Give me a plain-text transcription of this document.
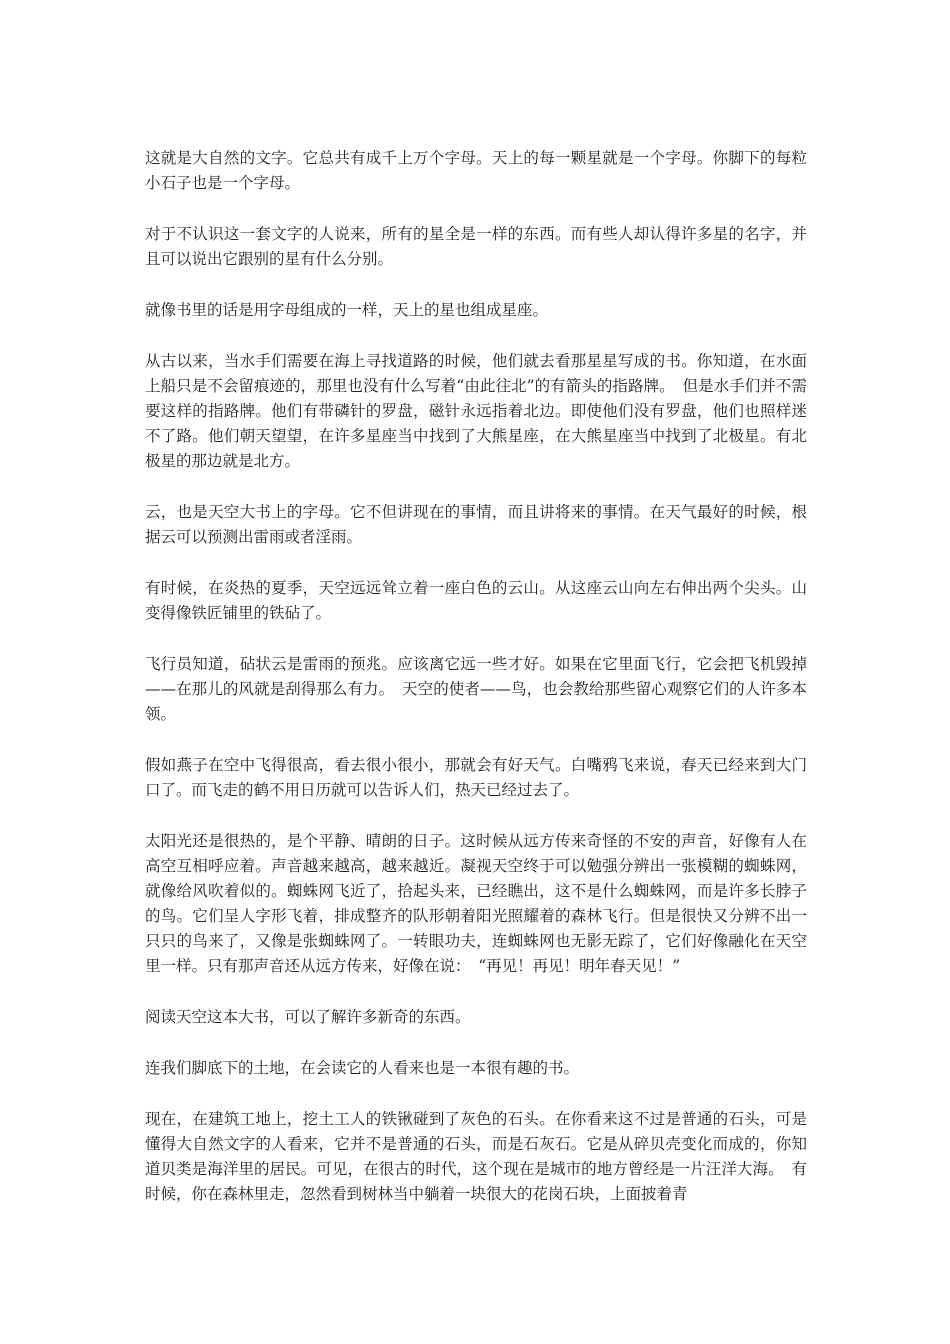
这就是大自然的文字。它总共有成千上万个字母。天上的每一颗星就是一个字母。你脚下的每粒小石子也是一个字母。

对于不认识这一套文字的人说来，所有的星全是一样的东西。而有些人却认得许多星的名字，并且可以说出它跟别的星有什么分别。

就像书里的话是用字母组成的一样，天上的星也组成星座。

从古以来，当水手们需要在海上寻找道路的时候，他们就去看那星星写成的书。你知道，在水面上船只是不会留痕迹的，那里也没有什么写着“由此往北”的有箭头的指路牌。　但是水手们并不需要这样的指路牌。他们有带磷针的罗盘，磁针永远指着北边。即使他们没有罗盘，他们也照样迷不了路。他们朝天望望，在许多星座当中找到了大熊星座，在大熊星座当中找到了北极星。有北极星的那边就是北方。

云，也是天空大书上的字母。它不但讲现在的事情，而且讲将来的事情。在天气最好的时候，根据云可以预测出雷雨或者淫雨。

有时候，在炎热的夏季，天空远远耸立着一座白色的云山。从这座云山向左右伸出两个尖头。山变得像铁匠铺里的铁砧了。

飞行员知道，砧状云是雷雨的预兆。应该离它远一些才好。如果在它里面飞行，它会把飞机毁掉——在那儿的风就是刮得那么有力。　天空的使者——鸟，也会教给那些留心观察它们的人许多本领。

假如燕子在空中飞得很高，看去很小很小，那就会有好天气。白嘴鸦飞来说，春天已经来到大门口了。而飞走的鹤不用日历就可以告诉人们，热天已经过去了。

太阳光还是很热的，是个平静、晴朗的日子。这时候从远方传来奇怪的不安的声音，好像有人在高空互相呼应着。声音越来越高，越来越近。凝视天空终于可以勉强分辨出一张模糊的蜘蛛网，就像给风吹着似的。蜘蛛网飞近了，拾起头来，已经瞧出，这不是什么蜘蛛网，而是许多长脖子的鸟。它们呈人字形飞着，排成整齐的队形朝着阳光照耀着的森林飞行。但是很快又分辨不出一只只的鸟来了，又像是张蜘蛛网了。一转眼功夫，连蜘蛛网也无影无踪了，它们好像融化在天空里一样。只有那声音还从远方传来，好像在说：　“再见！再见！明年春天见！”

阅读天空这本大书，可以了解许多新奇的东西。

连我们脚底下的土地，在会读它的人看来也是一本很有趣的书。

现在，在建筑工地上，挖土工人的铁锹碰到了灰色的石头。在你看来这不过是普通的石头，可是懂得大自然文字的人看来，它并不是普通的石头，而是石灰石。它是从碎贝壳变化而成的，你知道贝类是海洋里的居民。可见，在很古的时代，这个现在是城市的地方曾经是一片汪洋大海。　有时候，你在森林里走，忽然看到树林当中躺着一块很大的花岗石块，上面披着青
